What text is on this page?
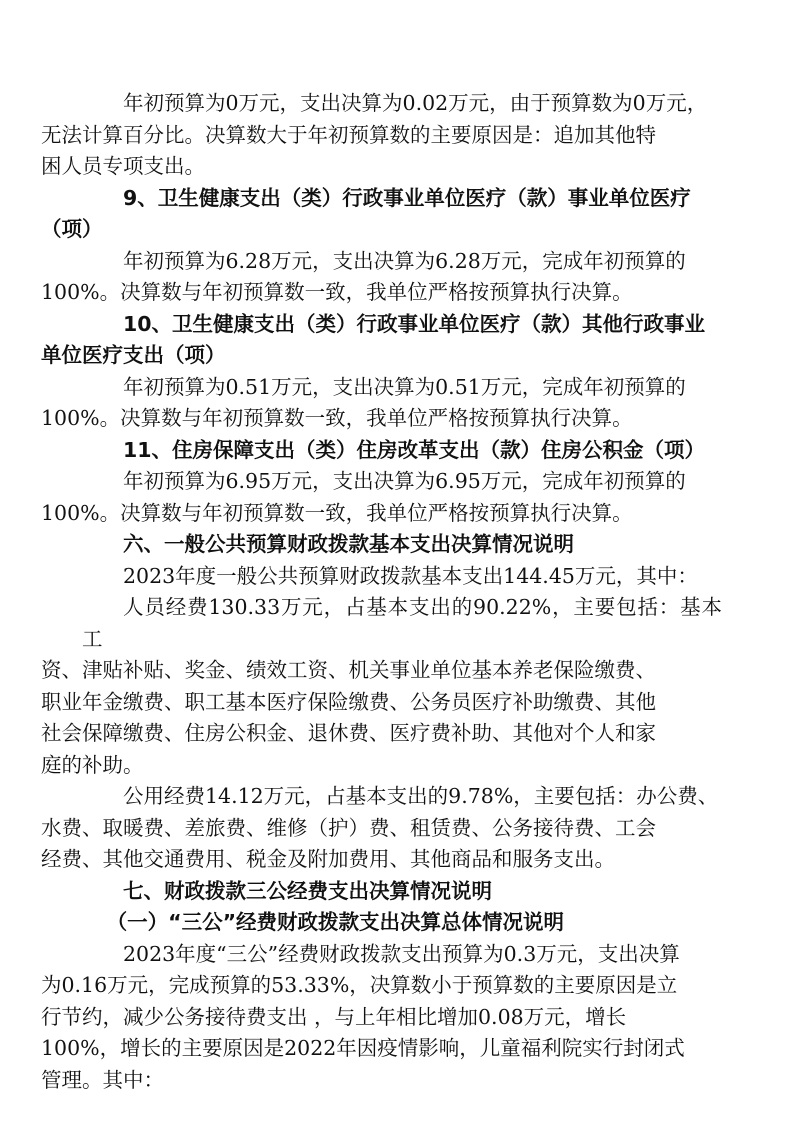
年初预算为0万元，支出决算为0.02万元，由于预算数为0万元，
无法计算百分比。决算数大于年初预算数的主要原因是：追加其他特
困人员专项支出。

9、卫生健康支出（类）行政事业单位医疗（款）事业单位医疗
（项）

年初预算为6.28万元，支出决算为6.28万元，完成年初预算的
100%。决算数与年初预算数一致，我单位严格按预算执行决算。

10、卫生健康支出（类）行政事业单位医疗（款）其他行政事业
单位医疗支出（项）

年初预算为0.51万元，支出决算为0.51万元，完成年初预算的
100%。决算数与年初预算数一致，我单位严格按预算执行决算。

11、住房保障支出（类）住房改革支出（款）住房公积金（项）

年初预算为6.95万元，支出决算为6.95万元，完成年初预算的
100%。决算数与年初预算数一致，我单位严格按预算执行决算。

六、一般公共预算财政拨款基本支出决算情况说明

2023年度一般公共预算财政拨款基本支出144.45万元，其中：

人员经费130.33万元，占基本支出的90.22%，主要包括：基本工
资、津贴补贴、奖金、绩效工资、机关事业单位基本养老保险缴费、
职业年金缴费、职工基本医疗保险缴费、公务员医疗补助缴费、其他
社会保障缴费、住房公积金、退休费、医疗费补助、其他对个人和家
庭的补助。

公用经费14.12万元，占基本支出的9.78%，主要包括：办公费、
水费、取暖费、差旅费、维修（护）费、租赁费、公务接待费、工会
经费、其他交通费用、税金及附加费用、其他商品和服务支出。

七、财政拨款三公经费支出决算情况说明

（一）“三公”经费财政拨款支出决算总体情况说明

2023年度“三公”经费财政拨款支出预算为0.3万元，支出决算
为0.16万元，完成预算的53.33%，决算数小于预算数的主要原因是立
行节约，减少公务接待费支出 ，与上年相比增加0.08万元，增长
100%，增长的主要原因是2022年因疫情影响，儿童福利院实行封闭式
管理。其中：
